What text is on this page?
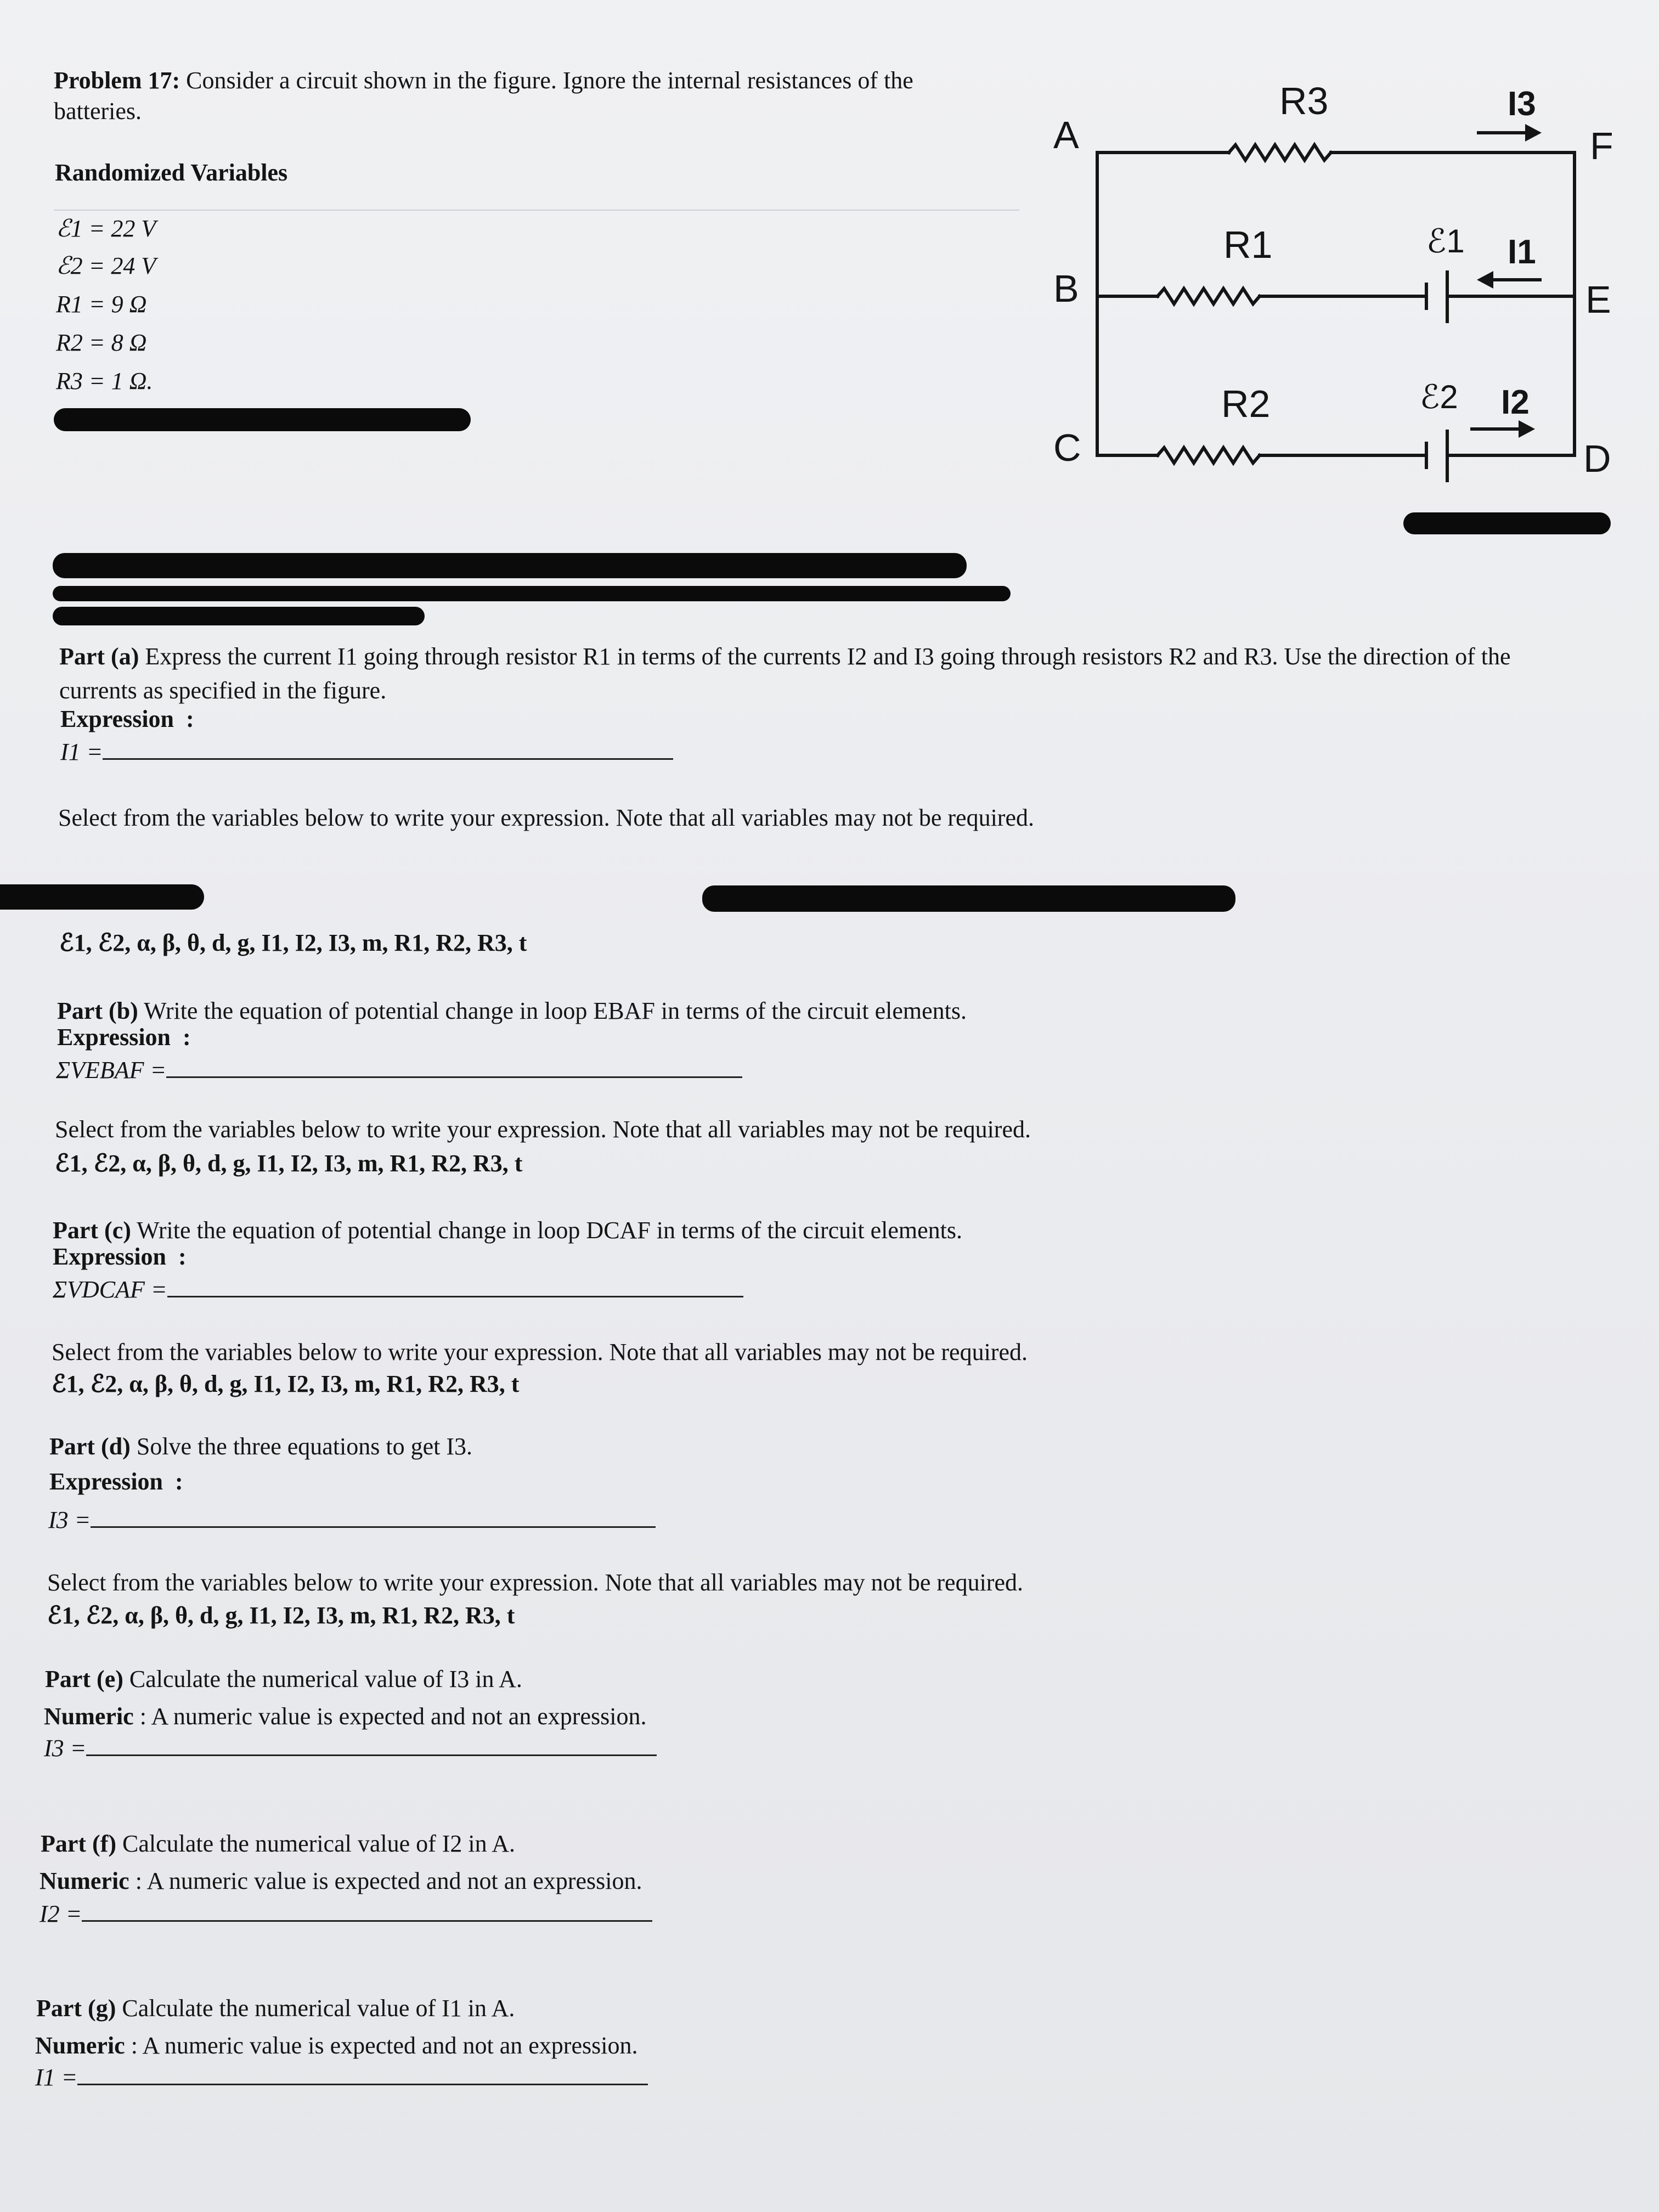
Problem 17: Consider a circuit shown in the figure. Ignore the internal resistances of the
batteries.
Randomized Variables
ℰ1 = 22 V
ℰ2 = 24 V
R1 = 9 Ω
R2 = 8 Ω
R3 = 1 Ω.
A
B
C	D
E
F
R3
R1
R2
ℰ1
ℰ2
I3
I1
I2
Part (a) Express the current I1 going through resistor R1 in terms of the currents I2 and I3 going through resistors R2 and R3. Use the direction of the
currents as specified in the figure.
Expression  :
I1 =
Select from the variables below to write your expression. Note that all variables may not be required.
ℰ1, ℰ2, α, β, θ, d, g, I1, I2, I3, m, R1, R2, R3, t
Part (b) Write the equation of potential change in loop EBAF in terms of the circuit elements.
Expression  :
ΣVEBAF =
Select from the variables below to write your expression. Note that all variables may not be required.
ℰ1, ℰ2, α, β, θ, d, g, I1, I2, I3, m, R1, R2, R3, t
Part (c) Write the equation of potential change in loop DCAF in terms of the circuit elements.
Expression  :
ΣVDCAF =
Select from the variables below to write your expression. Note that all variables may not be required.
ℰ1, ℰ2, α, β, θ, d, g, I1, I2, I3, m, R1, R2, R3, t
Part (d) Solve the three equations to get I3.
Expression  :
I3 =
Select from the variables below to write your expression. Note that all variables may not be required.
ℰ1, ℰ2, α, β, θ, d, g, I1, I2, I3, m, R1, R2, R3, t
Part (e) Calculate the numerical value of I3 in A.
Numeric : A numeric value is expected and not an expression.
I3 =
Part (f) Calculate the numerical value of I2 in A.
Numeric : A numeric value is expected and not an expression.
I2 =
Part (g) Calculate the numerical value of I1 in A.
Numeric : A numeric value is expected and not an expression.
I1 =
